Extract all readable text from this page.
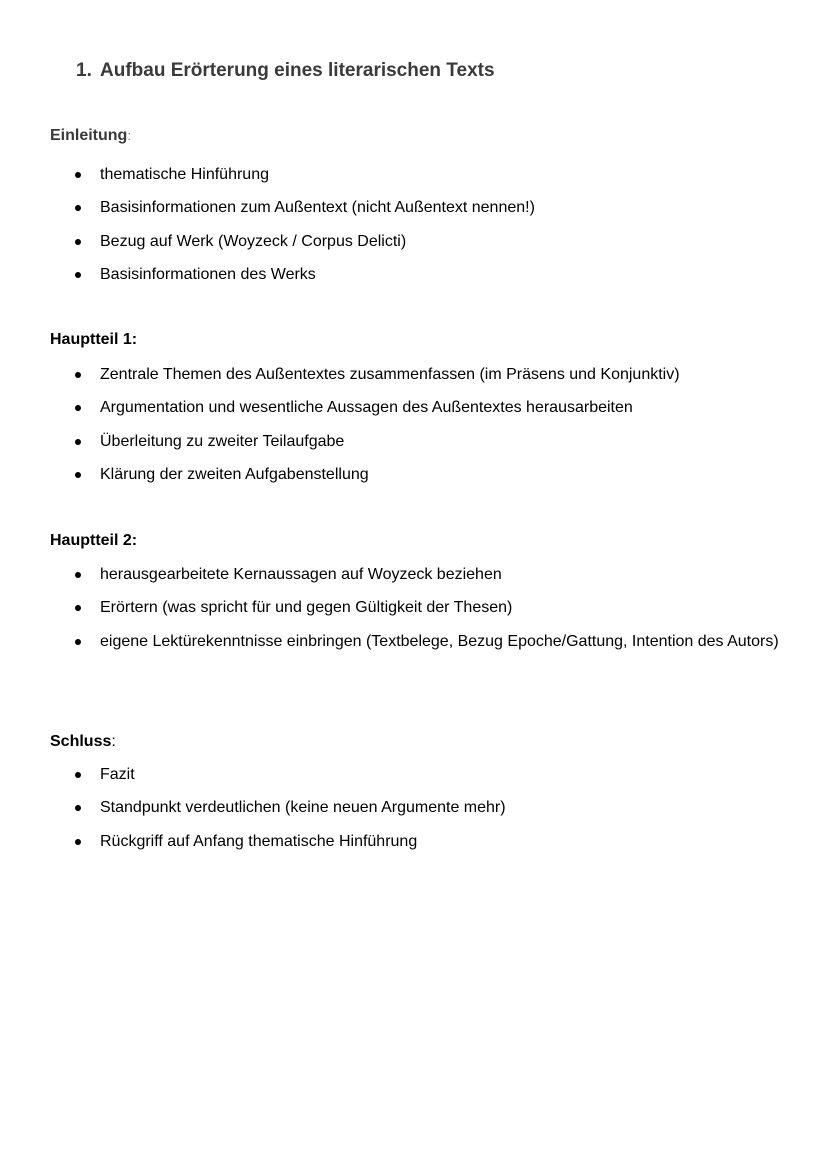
1. Aufbau Erörterung eines literarischen Texts
Einleitung:
thematische Hinführung
Basisinformationen zum Außentext (nicht Außentext nennen!)
Bezug auf Werk (Woyzeck / Corpus Delicti)
Basisinformationen des Werks
Hauptteil 1:
Zentrale Themen des Außentextes zusammenfassen (im Präsens und Konjunktiv)
Argumentation und wesentliche Aussagen des Außentextes herausarbeiten
Überleitung zu zweiter Teilaufgabe
Klärung der zweiten Aufgabenstellung
Hauptteil 2:
herausgearbeitete Kernaussagen auf Woyzeck beziehen
Erörtern (was spricht für und gegen Gültigkeit der Thesen)
eigene Lektürekenntnisse einbringen (Textbelege, Bezug Epoche/Gattung, Intention des Autors)
Schluss:
Fazit
Standpunkt verdeutlichen (keine neuen Argumente mehr)
Rückgriff auf Anfang thematische Hinführung
